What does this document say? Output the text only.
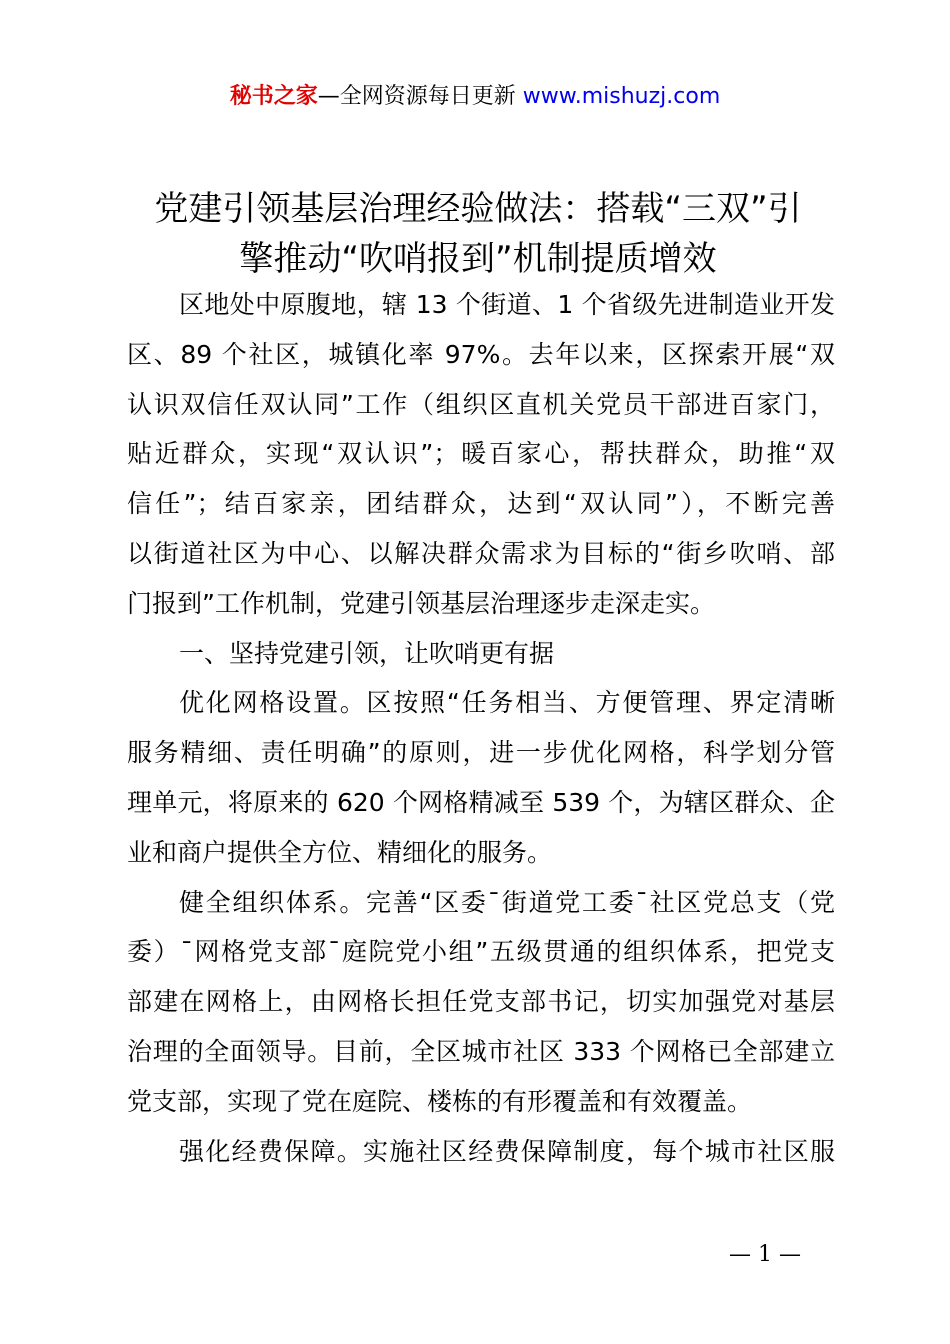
秘书之家—全网资源每日更新 www.mishuzj.com
党建引领基层治理经验做法：搭载“三双”引
擎推动“吹哨报到”机制提质增效
区地处中原腹地，辖 13 个街道、1 个省级先进制造业开发
区、89 个社区，城镇化率 97%。去年以来，区探索开展“双
认识双信任双认同”工作（组织区直机关党员干部进百家门，
贴近群众，实现“双认识”；暖百家心，帮扶群众，助推“双
信任”；结百家亲，团结群众，达到“双认同”），不断完善
以街道社区为中心、以解决群众需求为目标的“街乡吹哨、部
门报到”工作机制，党建引领基层治理逐步走深走实。
一、坚持党建引领，让吹哨更有据
优化网格设置。区按照“任务相当、方便管理、界定清晰
服务精细、责任明确”的原则，进一步优化网格，科学划分管
理单元，将原来的 620 个网格精减至 539 个，为辖区群众、企
业和商户提供全方位、精细化的服务。
健全组织体系。完善“区委¯街道党工委¯社区党总支（党
委）¯网格党支部¯庭院党小组”五级贯通的组织体系，把党支
部建在网格上，由网格长担任党支部书记，切实加强党对基层
治理的全面领导。目前，全区城市社区 333 个网格已全部建立
党支部，实现了党在庭院、楼栋的有形覆盖和有效覆盖。
强化经费保障。实施社区经费保障制度，每个城市社区服
— 1 —
